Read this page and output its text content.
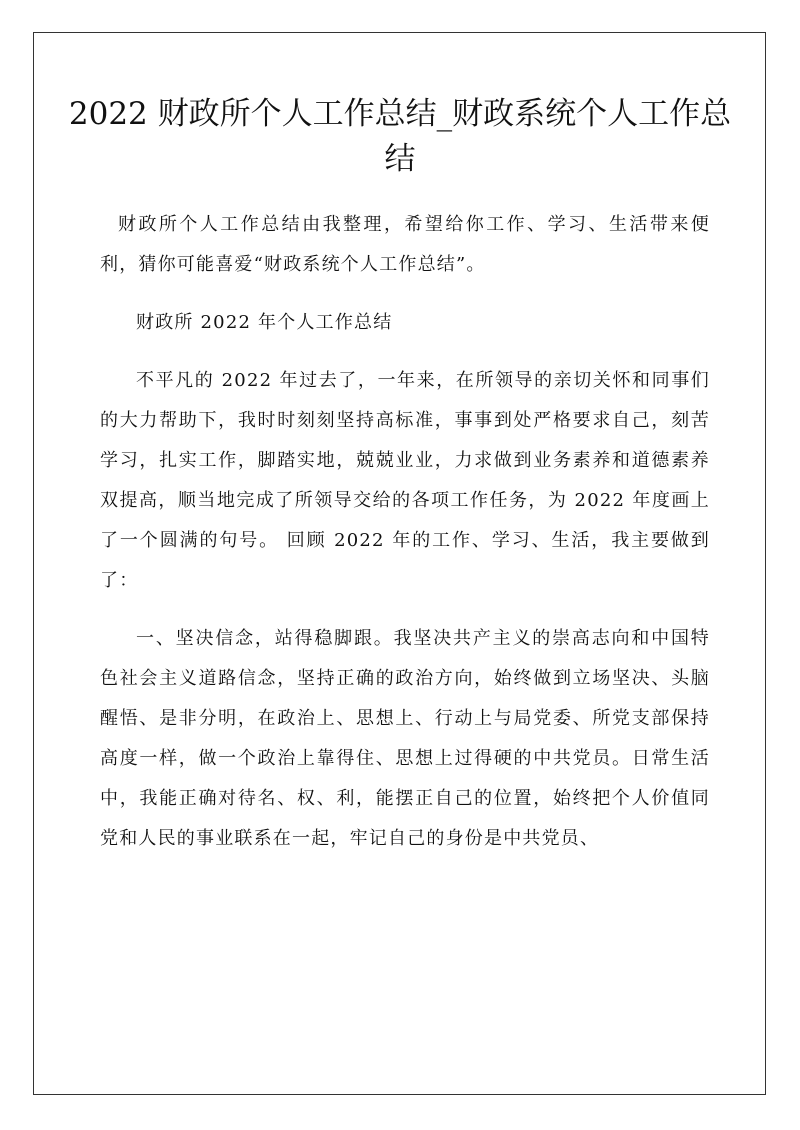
2022 财政所个人工作总结_财政系统个人工作总结

财政所个人工作总结由我整理，希望给你工作、学习、生活带来便利，猜你可能喜爱“财政系统个人工作总结”。

财政所 2022 年个人工作总结

不平凡的 2022 年过去了，一年来，在所领导的亲切关怀和同事们的大力帮助下，我时时刻刻坚持高标准，事事到处严格要求自己，刻苦学习，扎实工作，脚踏实地，兢兢业业，力求做到业务素养和道德素养双提高，顺当地完成了所领导交给的各项工作任务，为 2022 年度画上了一个圆满的句号。 回顾 2022 年的工作、学习、生活，我主要做到了：

一、坚决信念，站得稳脚跟。我坚决共产主义的崇高志向和中国特色社会主义道路信念，坚持正确的政治方向，始终做到立场坚决、头脑醒悟、是非分明，在政治上、思想上、行动上与局党委、所党支部保持高度一样，做一个政治上靠得住、思想上过得硬的中共党员。日常生活中，我能正确对待名、权、利，能摆正自己的位置，始终把个人价值同党和人民的事业联系在一起，牢记自己的身份是中共党员、
